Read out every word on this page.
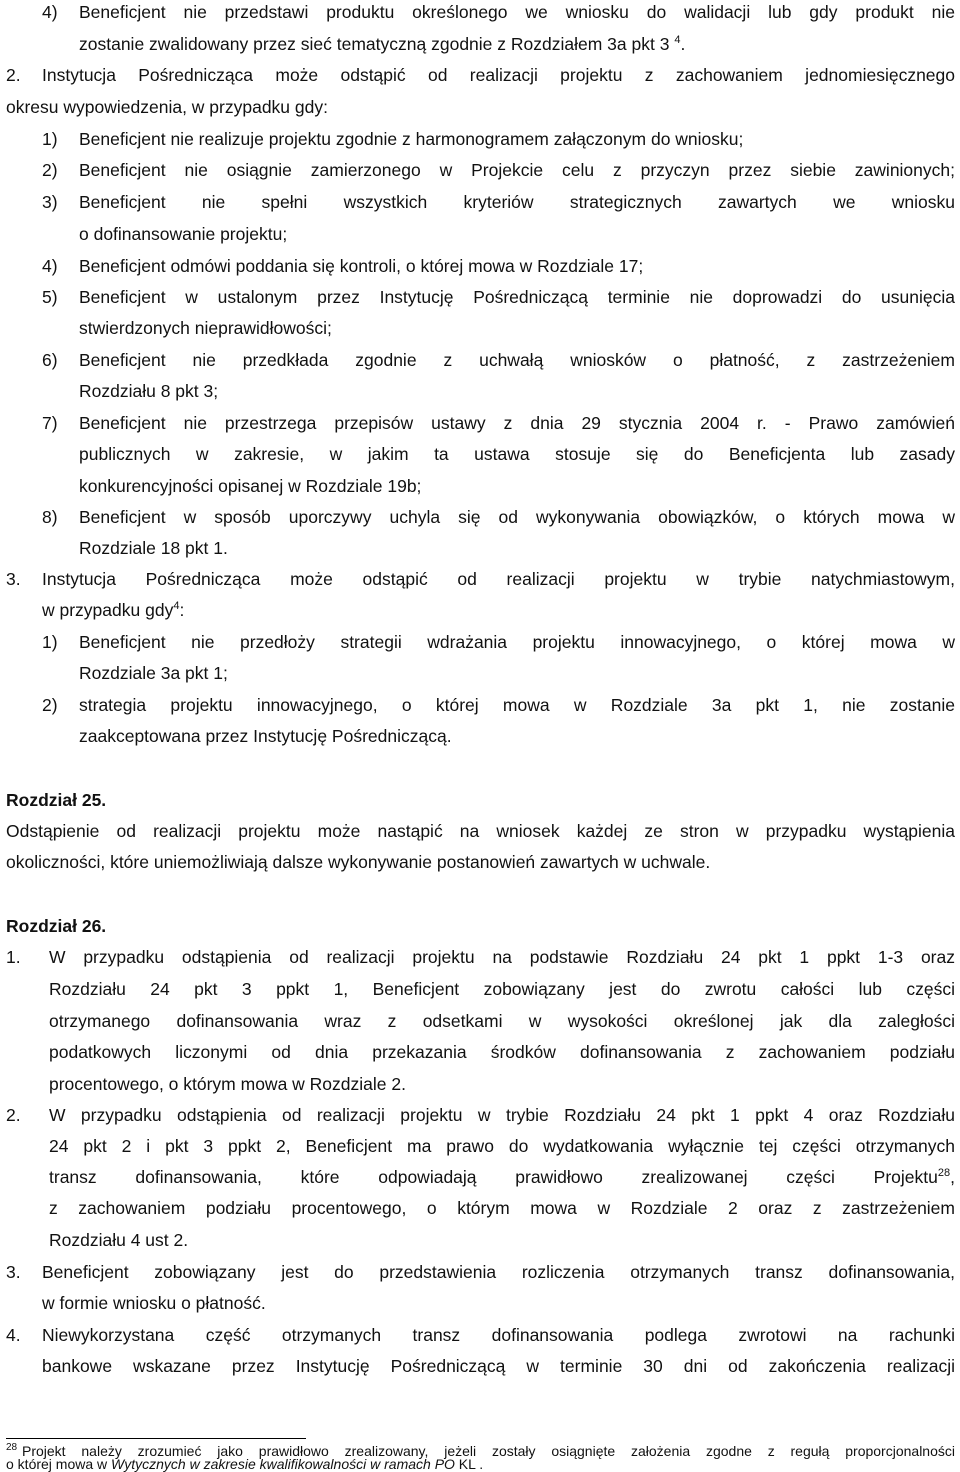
4) Beneficjent nie przedstawi produktu określonego we wniosku do walidacji lub gdy produkt nie
zostanie zwalidowany przez sieć tematyczną zgodnie z Rozdziałem 3a pkt 3 $^4$.
2. Instytucja Pośrednicząca może odstąpić od realizacji projektu z zachowaniem jednomiesięcznego
okresu wypowiedzenia, w przypadku gdy:
1) Beneficjent nie realizuje projektu zgodnie z harmonogramem załączonym do wniosku;
2) Beneficjent nie osiągnie zamierzonego w Projekcie celu z przyczyn przez siebie zawinionych;
3) Beneficjent nie spełni wszystkich kryteriów strategicznych zawartych we wniosku
o dofinansowanie projektu;
4) Beneficjent odmówi poddania się kontroli, o której mowa w Rozdziale 17;
5) Beneficjent w ustalonym przez Instytucję Pośredniczącą terminie nie doprowadzi do usunięcia
stwierdzonych nieprawidłowości;
6) Beneficjent nie przedkłada zgodnie z uchwałą wniosków o płatność, z zastrzeżeniem
Rozdziału 8 pkt 3;
7) Beneficjent nie przestrzega przepisów ustawy z dnia 29 stycznia 2004 r. - Prawo zamówień
publicznych w zakresie, w jakim ta ustawa stosuje się do Beneficjenta lub zasady
konkurencyjności opisanej w Rozdziale 19b;
8) Beneficjent w sposób uporczywy uchyla się od wykonywania obowiązków, o których mowa w
Rozdziale 18 pkt 1.
3. Instytucja Pośrednicząca może odstąpić od realizacji projektu w trybie natychmiastowym,
w przypadku gdy$^4$:
1) Beneficjent nie przedłoży strategii wdrażania projektu innowacyjnego, o której mowa w
Rozdziale 3a pkt 1;
2) strategia projektu innowacyjnego, o której mowa w Rozdziale 3a pkt 1, nie zostanie
zaakceptowana przez Instytucję Pośredniczącą.
Rozdział 25.
Odstąpienie od realizacji projektu może nastąpić na wniosek każdej ze stron w przypadku wystąpienia
okoliczności, które uniemożliwiają dalsze wykonywanie postanowień zawartych w uchwale.
Rozdział 26.
1. W przypadku odstąpienia od realizacji projektu na podstawie Rozdziału 24 pkt 1 ppkt 1-3 oraz
Rozdziału 24 pkt 3 ppkt 1, Beneficjent zobowiązany jest do zwrotu całości lub części
otrzymanego dofinansowania wraz z odsetkami w wysokości określonej jak dla zaległości
podatkowych liczonymi od dnia przekazania środków dofinansowania z zachowaniem podziału
procentowego, o którym mowa w Rozdziale 2.
2. W przypadku odstąpienia od realizacji projektu w trybie Rozdziału 24 pkt 1 ppkt 4 oraz Rozdziału
24 pkt 2 i pkt 3 ppkt 2, Beneficjent ma prawo do wydatkowania wyłącznie tej części otrzymanych
transz dofinansowania, które odpowiadają prawidłowo zrealizowanej części Projektu$^{28}$,
z zachowaniem podziału procentowego, o którym mowa w Rozdziale 2 oraz z zastrzeżeniem
Rozdziału 4 ust 2.
3. Beneficjent zobowiązany jest do przedstawienia rozliczenia otrzymanych transz dofinansowania,
w formie wniosku o płatność.
4. Niewykorzystana część otrzymanych transz dofinansowania podlega zwrotowi na rachunki
bankowe wskazane przez Instytucję Pośredniczącą w terminie 30 dni od zakończenia realizacji
28 Projekt należy zrozumieć jako prawidłowo zrealizowany, jeżeli zostały osiągnięte założenia zgodne z regułą proporcjonalności
o której mowa w Wytycznych w zakresie kwalifikowalności w ramach PO KL .
